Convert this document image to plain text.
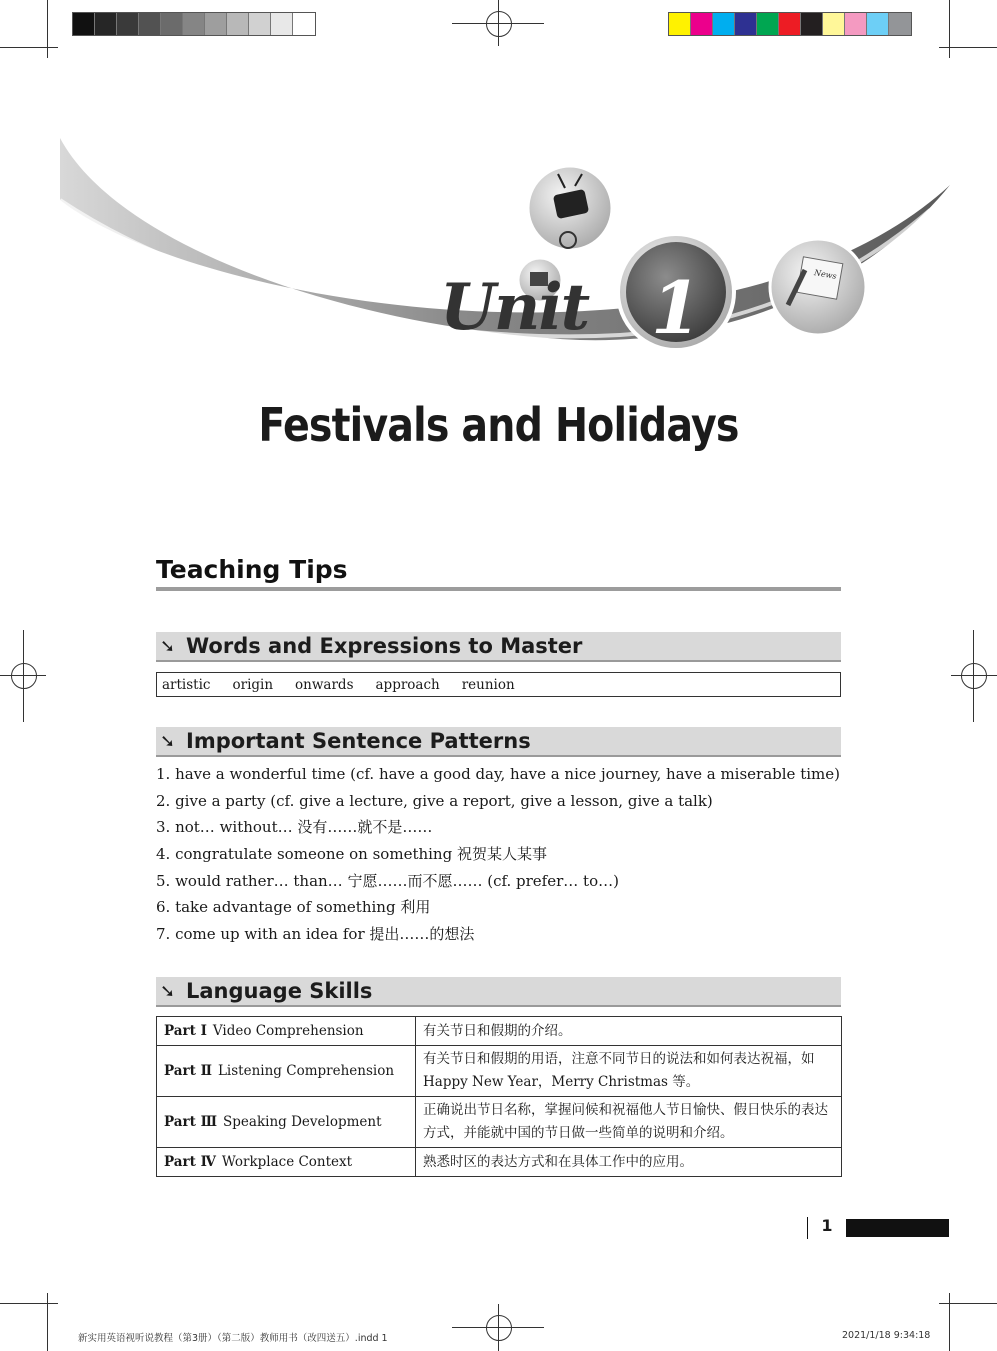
Unit 1	News
Festivals and Holidays
Teaching Tips
➘ Words and Expressions to Master
artistic origin onwards approach reunion
➘ Important Sentence Patterns
1. have a wonderful time (cf. have a good day, have a nice journey, have a miserable time)
2. give a party (cf. give a lecture, give a report, give a lesson, give a talk)
3. not… without… 没有……就不是……
4. congratulate someone on something 祝贺某人某事
5. would rather… than… 宁愿……而不愿…… (cf. prefer… to…)
6. take advantage of something 利用
7. come up with an idea for 提出……的想法
➘ Language Skills
Part Ⅰ Video Comprehension	有关节日和假期的介绍。
Part Ⅱ Listening Comprehension	有关节日和假期的用语，注意不同节日的说法和如何表达祝福，如 Happy New Year，Merry Christmas 等。
Part Ⅲ Speaking Development	正确说出节日名称，掌握问候和祝福他人节日愉快、假日快乐的表达方式，并能就中国的节日做一些简单的说明和介绍。
Part Ⅳ Workplace Context	熟悉时区的表达方式和在具体工作中的应用。
1
新实用英语视听说教程（第3册）（第二版）教师用书（改四送五）.indd 1	2021/1/18 9:34:18
